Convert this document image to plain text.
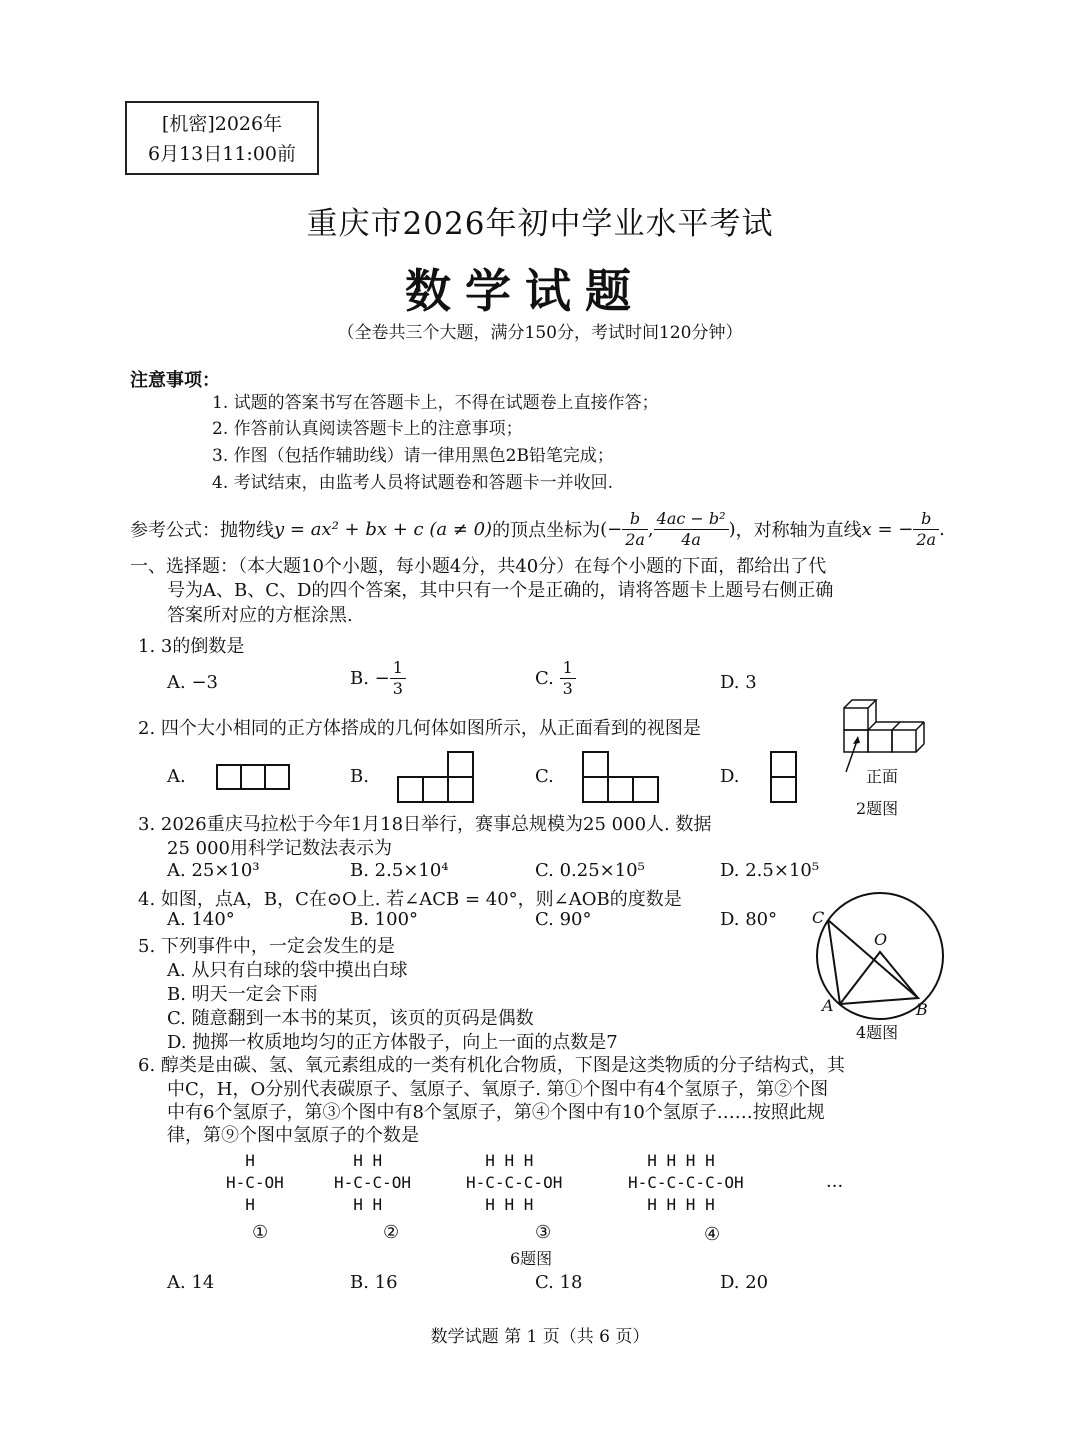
[机密]2026年
6月13日11:00前
重庆市2026年初中学业水平考试
数学试题
（全卷共三个大题，满分150分，考试时间120分钟）
注意事项：
1. 试题的答案书写在答题卡上，不得在试题卷上直接作答；
2. 作答前认真阅读答题卡上的注意事项；
3. 作图（包括作辅助线）请一律用黑色2B铅笔完成；
4. 考试结束，由监考人员将试题卷和答题卡一并收回.
参考公式：抛物线 y = ax² + bx + c (a ≠ 0) 的顶点坐标为 (− $\frac{b}{2a}$ , $\frac{\text{4ac − b²}}{4a}$ ) ，对称轴为直线 x = − $\frac{b}{2a}$ .
一、选择题：（本大题10个小题，每小题4分，共40分）在每个小题的下面，都给出了代
号为A、B、C、D的四个答案，其中只有一个是正确的，请将答题卡上题号右侧正确
答案所对应的方框涂黑.
1. 3的倒数是
A. −3	B. − $\frac{1}{3}$	C.
$\frac{1}{3}$	D. 3
2. 四个大小相同的正方体搭成的几何体如图所示，从正面看到的视图是
A.	B.	C.	D.	正面
2题图
3. 2026重庆马拉松于今年1月18日举行，赛事总规模为25 000人. 数据
25 000用科学记数法表示为
A. 25×10³	B. 2.5×10⁴	C. 0.25×10⁵	D. 2.5×10⁵
4. 如图，点A，B，C在⊙O上. 若∠ACB = 40°，则∠AOB的度数是
A. 140°	B. 100°	C. 90°	D. 80° C
O
A	B
4题图
5. 下列事件中，一定会发生的是
A. 从只有白球的袋中摸出白球
B. 明天一定会下雨
C. 随意翻到一本书的某页，该页的页码是偶数
D. 抛掷一枚质地均匀的正方体骰子，向上一面的点数是7
6. 醇类是由碳、氢、氧元素组成的一类有机化合物质，下图是这类物质的分子结构式，其
中C，H，O分别代表碳原子、氢原子、氧原子. 第①个图中有4个氢原子，第②个图
中有6个氢原子，第③个图中有8个氢原子，第④个图中有10个氢原子……按照此规
律，第⑨个图中氢原子的个数是
H
H-C-OH
H
H H
H-C-C-OH
H H
H H H
H-C-C-C-OH
H H H
H H H H
H-C-C-C-C-OH
H H H H
···
①	②	③	④
6题图
A. 14	B. 16	C. 18	D. 20
数学试题 第 1 页（共 6 页）
